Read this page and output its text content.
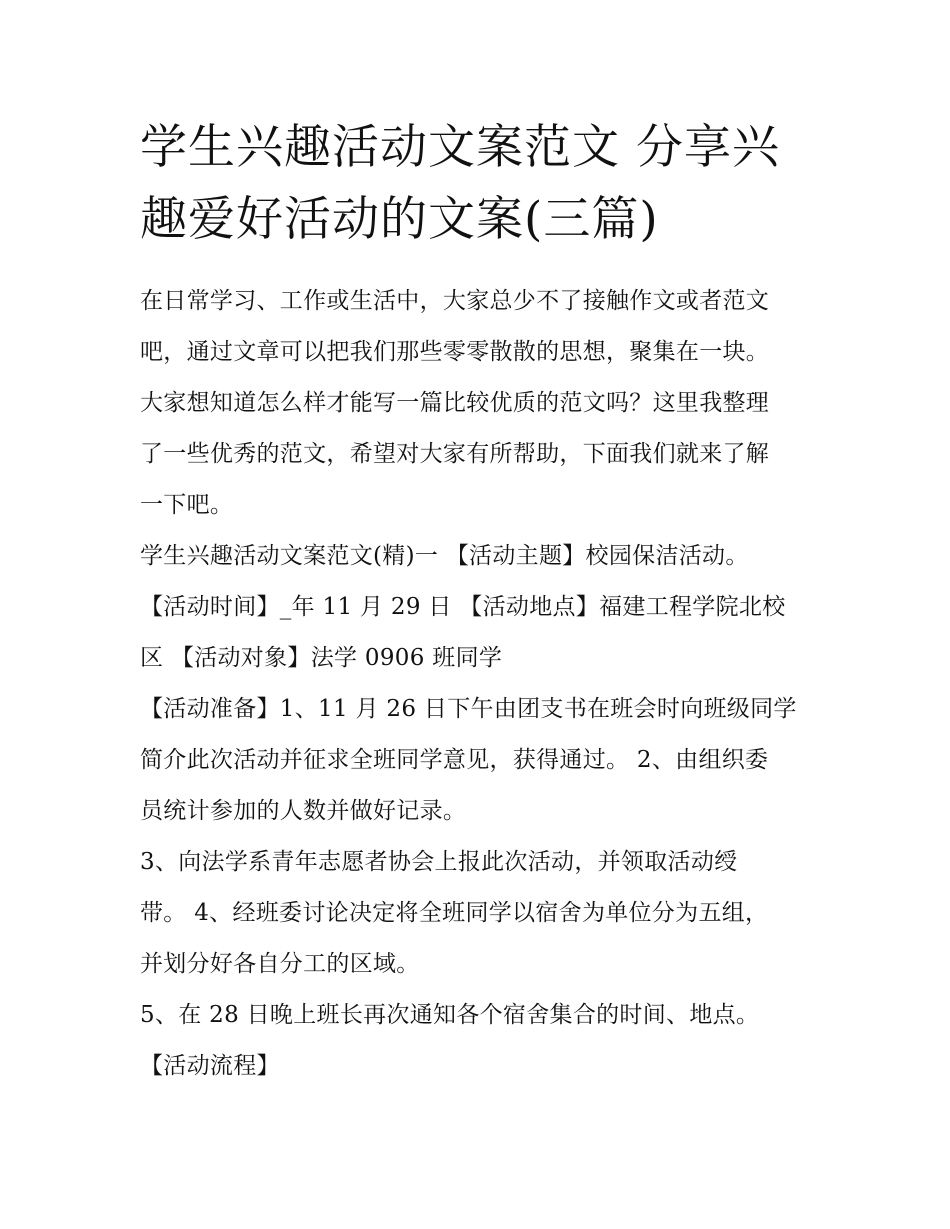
学生兴趣活动文案范文 分享兴
趣爱好活动的文案(三篇)
在日常学习、工作或生活中，大家总少不了接触作文或者范文
吧，通过文章可以把我们那些零零散散的思想，聚集在一块。
大家想知道怎么样才能写一篇比较优质的范文吗？这里我整理
了一些优秀的范文，希望对大家有所帮助，下面我们就来了解
一下吧。
学生兴趣活动文案范文(精)一 【活动主题】校园保洁活动。
【活动时间】_年 11 月 29 日 【活动地点】福建工程学院北校
区 【活动对象】法学 0906 班同学
【活动准备】1、11 月 26 日下午由团支书在班会时向班级同学
简介此次活动并征求全班同学意见，获得通过。 2、由组织委
员统计参加的人数并做好记录。
3、向法学系青年志愿者协会上报此次活动，并领取活动绶
带。 4、经班委讨论决定将全班同学以宿舍为单位分为五组，
并划分好各自分工的区域。
5、在 28 日晚上班长再次通知各个宿舍集合的时间、地点。
【活动流程】
